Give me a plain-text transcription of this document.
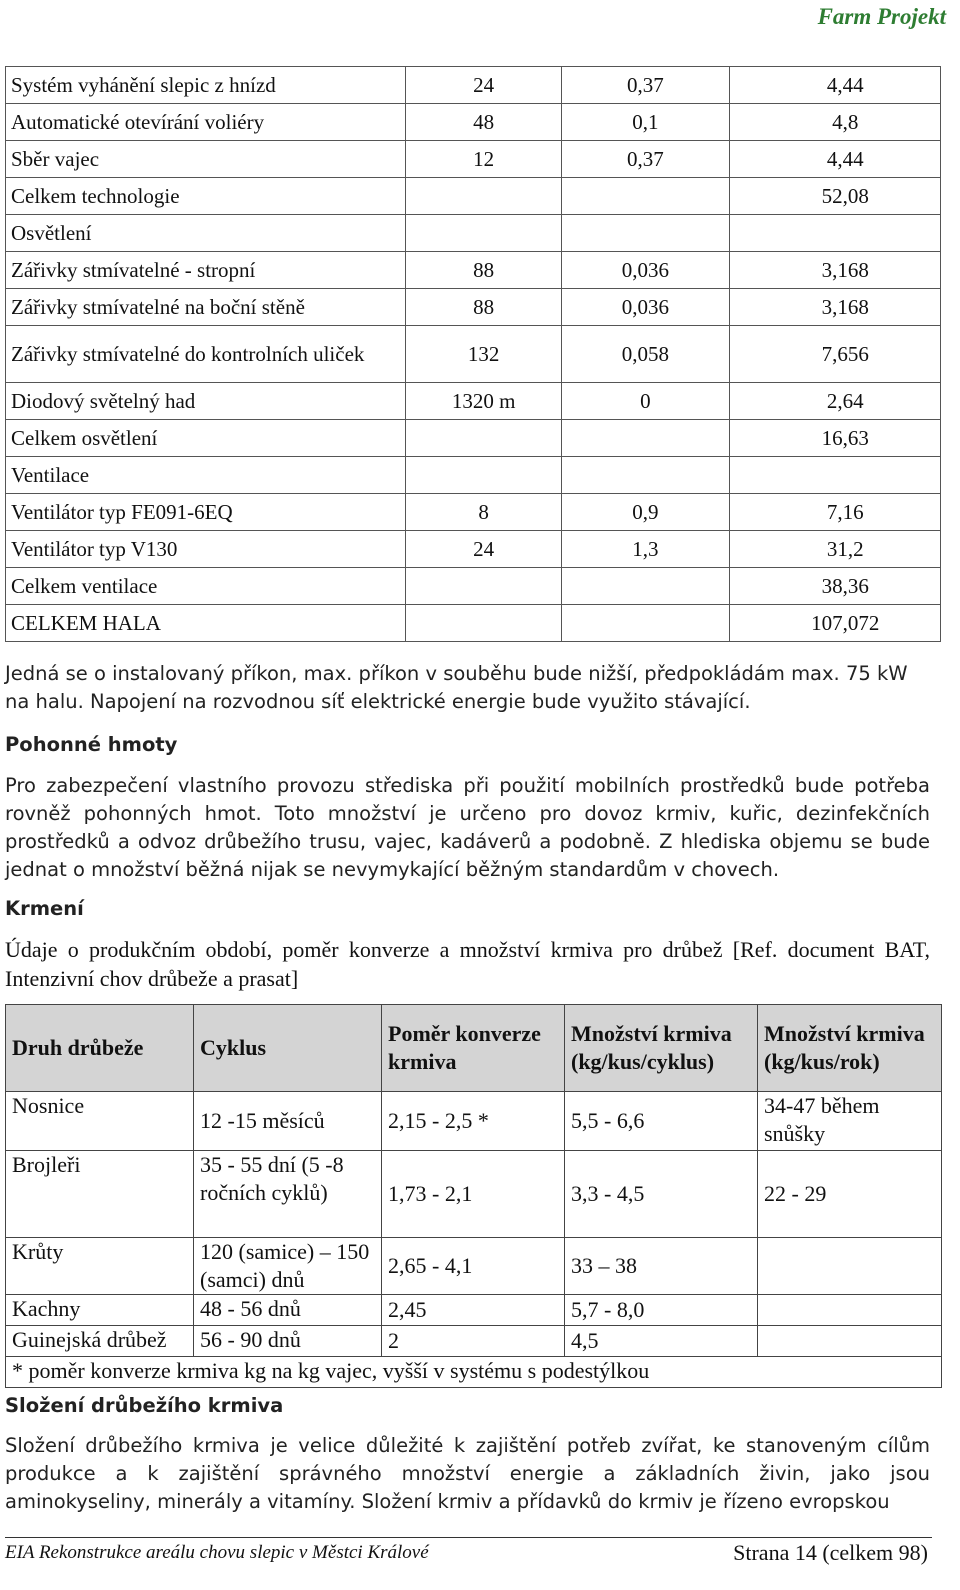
Farm Projekt
Systém vyhánění slepic z hnízd	24	0,37	4,44
Automatické otevírání voliéry	48	0,1	4,8
Sběr vajec	12	0,37	4,44
Celkem technologie			52,08
Osvětlení			
Zářivky stmívatelné - stropní	88	0,036	3,168
Zářivky stmívatelné na boční stěně	88	0,036	3,168
Zářivky stmívatelné do kontrolních uliček	132	0,058	7,656
Diodový světelný had	1320 m	0	2,64
Celkem osvětlení			16,63
Ventilace			
Ventilátor typ FE091-6EQ	8	0,9	7,16
Ventilátor typ V130	24	1,3	31,2
Celkem ventilace			38,36
CELKEM HALA			107,072
Jedná se o instalovaný příkon, max. příkon v souběhu bude nižší, předpokládám max. 75 kW na halu. Napojení na rozvodnou síť elektrické energie bude využito stávající.
Pohonné hmoty
Pro zabezpečení vlastního provozu střediska při použití mobilních prostředků bude potřeba rovněž pohonných hmot. Toto množství je určeno pro dovoz krmiv, kuřic, dezinfekčních prostředků a odvoz drůbežího trusu, vajec, kadáverů a podobně. Z hlediska objemu se bude jednat o množství běžná nijak se nevymykající běžným standardům v chovech.
Krmení
Údaje o produkčním období, poměr konverze a množství krmiva pro drůbež [Ref. document BAT, Intenzivní chov drůbeže a prasat]
Druh drůbeže	Cyklus	Poměr konverze krmiva	Množství krmiva (kg/kus/cyklus)	Množství krmiva (kg/kus/rok)
Nosnice	12 -15 měsíců	2,15 - 2,5 *	5,5 - 6,6	34-47 během snůšky
Brojleři	35 - 55 dní (5 -8 ročních cyklů)	1,73 - 2,1	3,3 - 4,5	22 - 29
Krůty	120 (samice) – 150 (samci) dnů	2,65 - 4,1	33 – 38	
Kachny	48 - 56 dnů	2,45	5,7 - 8,0	
Guinejská drůbež	56 - 90 dnů	2	4,5	
* poměr konverze krmiva kg na kg vajec, vyšší v systému s podestýlkou				
Složení drůbežího krmiva
Složení drůbežího krmiva je velice důležité k zajištění potřeb zvířat, ke stanoveným cílům produkce a k zajištění správného množství energie a základních živin, jako jsou aminokyseliny, minerály a vitamíny. Složení krmiv a přídavků do krmiv je řízeno evropskou
EIA Rekonstrukce areálu chovu slepic v Městci Králové	Strana 14 (celkem 98)
